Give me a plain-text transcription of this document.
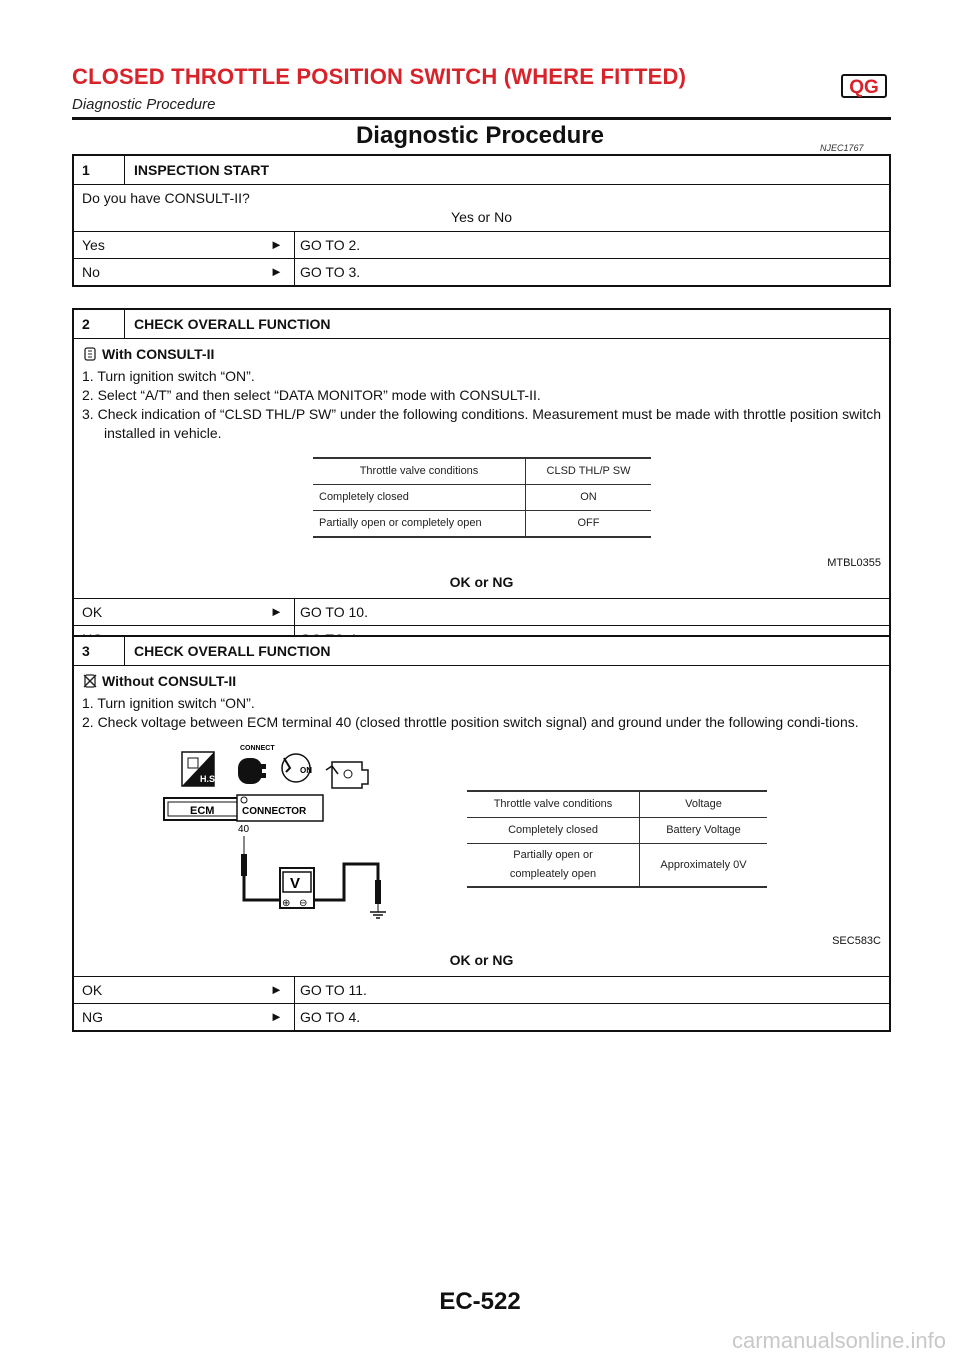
CLOSED THROTTLE POSITION SWITCH (WHERE FITTED)	QG
Diagnostic Procedure
Diagnostic Procedure	NJEC1767
1	INSPECTION START

Do you have CONSULT-II?

Yes or No

Yes	► GO TO 2.
No	► GO TO 3.
2	CHECK OVERALL FUNCTION

With CONSULT-II

1. Turn ignition switch “ON”.

2. Select “A/T” and then select “DATA MONITOR” mode with CONSULT-II.

3. Check indication of “CLSD THL/P SW” under the following conditions. Measurement must be made with throttle position switch installed in vehicle.

Throttle valve conditions	CLSD THL/P SW
Completely closed	ON
Partially open or completely open	OFF
MTBL0355

OK or NG

OK	► GO TO 10.
3	CHECK OVERALL FUNCTION

Without CONSULT-II

1. Turn ignition switch “ON”.

2. Check voltage between ECM terminal 40 (closed throttle position switch signal) and ground under the following condi-tions.

H.S.
CONNECT
ON
ECM	CONNECTOR
40
V
⊕ ⊖
Throttle valve conditions	Voltage
Completely closed	Battery Voltage
Partially open or compleately open	Approximately 0V
SEC583C

OK or NG

OK	► GO TO 11.
NG	► GO TO 4.
EC-522
carmanualsonline.info
